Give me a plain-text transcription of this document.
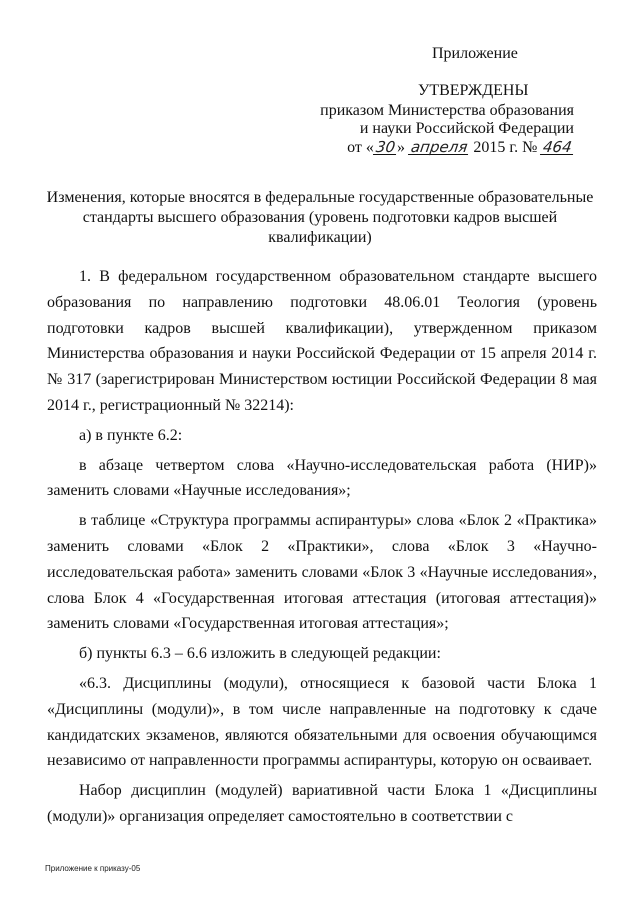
Приложение
УТВЕРЖДЕНЫ
приказом Министерства образования
и науки Российской Федерации
от «30» апреля 2015 г. № 464
Изменения, которые вносятся в федеральные государственные образовательные стандарты высшего образования (уровень подготовки кадров высшей квалификации)

1. В федеральном государственном образовательном стандарте высшего образования по направлению подготовки 48.06.01 Теология (уровень подготовки кадров высшей квалификации), утвержденном приказом Министерства образования и науки Российской Федерации от 15 апреля 2014 г. № 317 (зарегистрирован Министерством юстиции Российской Федерации 8 мая 2014 г., регистрационный № 32214):

а) в пункте 6.2:

в абзаце четвертом слова «Научно-исследовательская работа (НИР)» заменить словами «Научные исследования»;

в таблице «Структура программы аспирантуры» слова «Блок 2 «Практика» заменить словами «Блок 2 «Практики», слова «Блок 3 «Научно-исследовательская работа» заменить словами «Блок 3 «Научные исследования», слова Блок 4 «Государственная итоговая аттестация (итоговая аттестация)» заменить словами «Государственная итоговая аттестация»;

б) пункты 6.3 – 6.6 изложить в следующей редакции:

«6.3. Дисциплины (модули), относящиеся к базовой части Блока 1 «Дисциплины (модули)», в том числе направленные на подготовку к сдаче кандидатских экзаменов, являются обязательными для освоения обучающимся независимо от направленности программы аспирантуры, которую он осваивает.

Набор дисциплин (модулей) вариативной части Блока 1 «Дисциплины (модули)» организация определяет самостоятельно в соответствии с

Приложение к приказу-05
